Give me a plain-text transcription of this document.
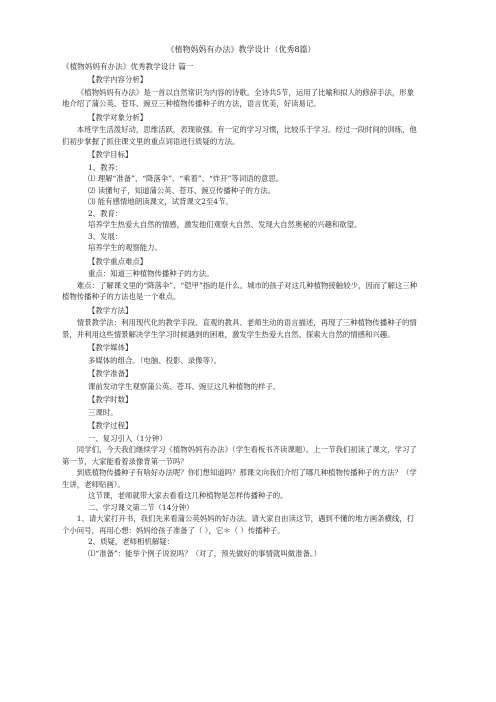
《植物妈妈有办法》教学设计（优秀8篇）
《植物妈妈有办法》优秀教学设计 篇一

【教学内容分析】

《植物妈妈有办法》是一首以自然常识为内容的诗歌。全诗共5节，运用了比喻和拟人的修辞手法，形象地介绍了蒲公英、苍耳、豌豆三种植物传播种子的方法，语言优美，好读易记。

【教学对象分析】

本班学生活泼好动，思维活跃，表现欲强。有一定的学习习惯，比较乐于学习。经过一段时间的训练，他们初步掌握了抓住课文里的重点词语进行质疑的方法。

【教学目标】

1、教养：

⑴ 理解“准备”、“降落伞”、“乘着”、“炸开”等词语的意思。

⑵ 读懂句子，知道蒲公英、苍耳、豌豆传播种子的方法。

⑶ 能有感情地朗读课文，试背课文2至4节。

2、教育：

培养学生热爱大自然的情感，激发他们观察大自然、发现大自然奥秘的兴趣和欲望。

3、发展：

培养学生的观察能力。

【教学重点难点】

重点：知道三种植物传播种子的方法。

难点：了解课文里的“降落伞”、“铠甲”指的是什么。城市的孩子对这几种植物接触较少，因而了解这三种植物传播种子的方法也是一个难点。

【教学方法】

情景教学法：利用现代化的教学手段、直观的教具、老师生动的语言描述，再现了三种植物传播种子的情景，并利用这些情景解决学生学习时候遇到的困难，激发学生热爱大自然、探索大自然的情感和兴趣。

【教学媒体】

多媒体的组合。（电脑、投影、录像等）。

【教学准备】

课前发动学生观察蒲公英、苍耳、豌豆这几种植物的样子。

【教学时数】

三课时。

【教学过程】

一、复习引入（1分钟）

同学们，今天我们继续学习《植物妈妈有办法》（学生看板书齐读课题）。上一节我们初读了课文，学习了第一节，大家能看着录像背第一节吗？

到底植物传播种子有啥好办法呢？你们想知道吗？那课文向我们介绍了哪几种植物传播种子的方法？（学生讲，老师贴画）。

这节课，老师就带大家去看看这几种植物是怎样传播种子的。

二、学习课文第二节（14分钟）

1、请大家打开书，我们先来看蒲公英妈妈的好办法。请大家自由读这节，遇到不懂的地方画条横线，打个小问号，再用心想：妈妈给孩子准备了（ ），它＊（ ）传播种子。

2、质疑，老师相机解疑：

⑴“准备”：能举个例子说说吗？（对了，预先做好的事情就叫做准备。）
